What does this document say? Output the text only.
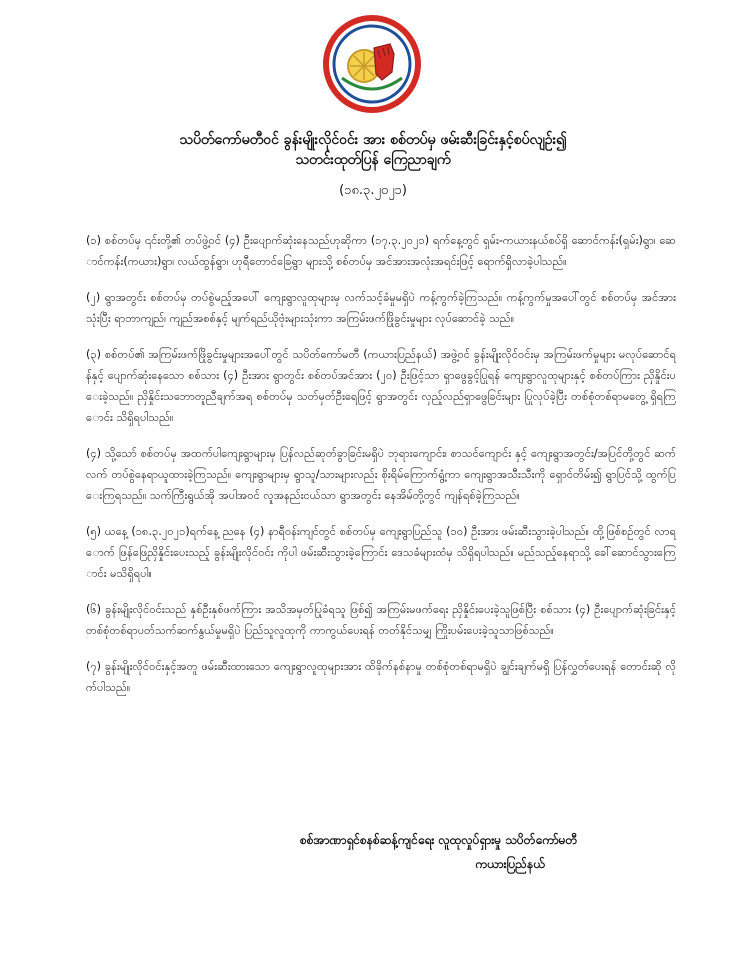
သပိတ်ကော်မတီဝင် ခွန်းမျိုးလိုင်ဝင်း အား စစ်တပ်မှ ဖမ်းဆီးခြင်းနှင့်စပ်လျဉ်း၍
သတင်းထုတ်ပြန် ကြေညာချက်
(၁၈.၃.၂၀၂၁)

(၁) စစ်တပ်မှ ၎င်းတို့၏ တပ်ဖွဲ့ဝင် (၄) ဦးပျောက်ဆုံးနေသည်ဟုဆိုကာ (၁၇.၃.၂၀၂၁) ရက်နေ့တွင် ရှမ်း-ကယားနယ်စပ်ရှိ ဆောင်ကန်း(ရှမ်း)ရွာ၊ ဆောင်ကန်း(ကယား)ရွာ၊ လယ်ထွန်ရွာ၊ ဟုရီတောင်ခြေရွာ များသို့ စစ်တပ်မှ အင်အားအလုံးအရင်းဖြင့် ရောက်ရှိလာခဲ့ပါသည်။

(၂) ရွာအတွင်း စစ်တပ်မှ တပ်စွဲမည့်အပေါ် ကျေးရွာလူထုများမှ လက်သင့်ခံမှုမရှိပဲ ကန့်ကွက်ခဲ့ကြသည်။ ကန့်ကွက်မှုအပေါ်တွင် စစ်တပ်မှ အင်အားသုံးပြီး ရာဘာကျည်၊ ကျည်အစစ်နှင့် မျက်ရည်ယိုဗုံးများသုံးကာ အကြမ်းဖက်ဖြိုခွင်းမှုများ လုပ်ဆောင်ခဲ့ သည်။

(၃) စစ်တပ်၏ အကြမ်းဖက်ဖြိုခွင်းမှုများအပေါ်တွင် သပိတ်ကော်မတီ (ကယားပြည်နယ်) အဖွဲ့ဝင် ခွန်းမျိုးလိုင်ဝင်းမှ အကြမ်းဖက်မှုများ မလုပ်ဆောင်ရန်နှင့် ပျောက်ဆုံးနေသော စစ်သား (၄) ဦးအား ရွာတွင်း စစ်တပ်အင်အား (၂၀) ဦးဖြင့်သာ ရှာဖွေခွင့်ပြုရန် ကျေးရွာလူထုများနှင့် စစ်တပ်ကြား ညှိနှိုင်းပေးခဲ့သည်။ ညှိနှိုင်းသဘောတူညီချက်အရ စစ်တပ်မှ သတ်မှတ်ဦးရေဖြင့် ရွာအတွင်း လှည့်လည်ရှာဖွေခြင်းများ ပြုလုပ်ခဲ့ပြီး တစ်စုံတစ်ရာမတွေ့ ရှိရကြောင်း သိရှိရပါသည်။

(၄) သို့သော် စစ်တပ်မှ အထက်ပါကျေးရွာများမှ ပြန်လည်ဆုတ်ခွာခြင်းမရှိပဲ ဘုရားကျောင်း၊ စာသင်ကျောင်း နှင့် ကျေးရွာအတွင်း/အပြင်တို့တွင် ဆက်လက် တပ်စွဲနေရာယူထားခဲ့ကြသည်။ ကျေးရွာများမှ ရွာသူ/သားများလည်း စိုးရိမ်ကြောက်ရွံ့ကာ ကျေးရွာအသီးသီးကို ရှောင်တိမ်း၍ ရွာပြင်သို့ ထွက်ပြေးကြရသည်။ သက်ကြီးရွယ်အို အပါအဝင် လူအနည်းငယ်သာ ရွာအတွင်း နေအိမ်တို့တွင် ကျန်ရစ်ခဲ့ကြသည်။

(၅) ယနေ့ (၁၈.၃.၂၀၂၁)ရက်နေ့ ညနေ (၄) နာရီဝန်းကျင်တွင် စစ်တပ်မှ ကျေးရွာပြည်သူ (၁၀) ဦးအား ဖမ်းဆီးသွားခဲ့ပါသည်။ ထို့ဖြစ်စဉ်တွင် လာရောက် ဖြန်ဖြေညှိနှိုင်းပေးသည့် ခွန်းမျိုးလိုင်ဝင်း ကိုပါ ဖမ်းဆီးသွားခဲ့ကြောင်း ဒေသခံများထံမှ သိရှိရပါသည်။ မည်သည့်နေရာသို့ ခေါ်ဆောင်သွားကြောင်း မသိရှိရပါ။

(၆) ခွန်းမျိုးလိုင်ဝင်းသည် နှစ်ဦးနှစ်ဖက်ကြား အသိအမှတ်ပြုခံရသူ ဖြစ်၍ အကြမ်းမဖက်ရေး ညှိနှိုင်းပေးခဲ့သူဖြစ်ပြီး စစ်သား (၄) ဦးပျောက်ဆုံးခြင်းနှင့် တစ်စုံတစ်ရာပတ်သက်ဆက်နွယ်မှုမရှိပဲ ပြည်သူလူထုကို ကာကွယ်ပေးရန် တတ်နိုင်သမျှ ကြိုးပမ်းပေးခဲ့သူသာဖြစ်သည်။

(၇) ခွန်းမျိုးလိုင်ဝင်းနှင့်အတူ ဖမ်းဆီးထားသော ကျေးရွာလူထုများအား ထိခိုက်နစ်နာမှု တစ်စုံတစ်ရာမရှိပဲ ချွင်းချက်မရှိ ပြန်လွှတ်ပေးရန် တောင်းဆို လိုက်ပါသည်။

စစ်အာဏာရှင်စနစ်ဆန့်ကျင်ရေး လူထုလှုပ်ရှားမှု သပိတ်ကော်မတီ
ကယားပြည်နယ်
